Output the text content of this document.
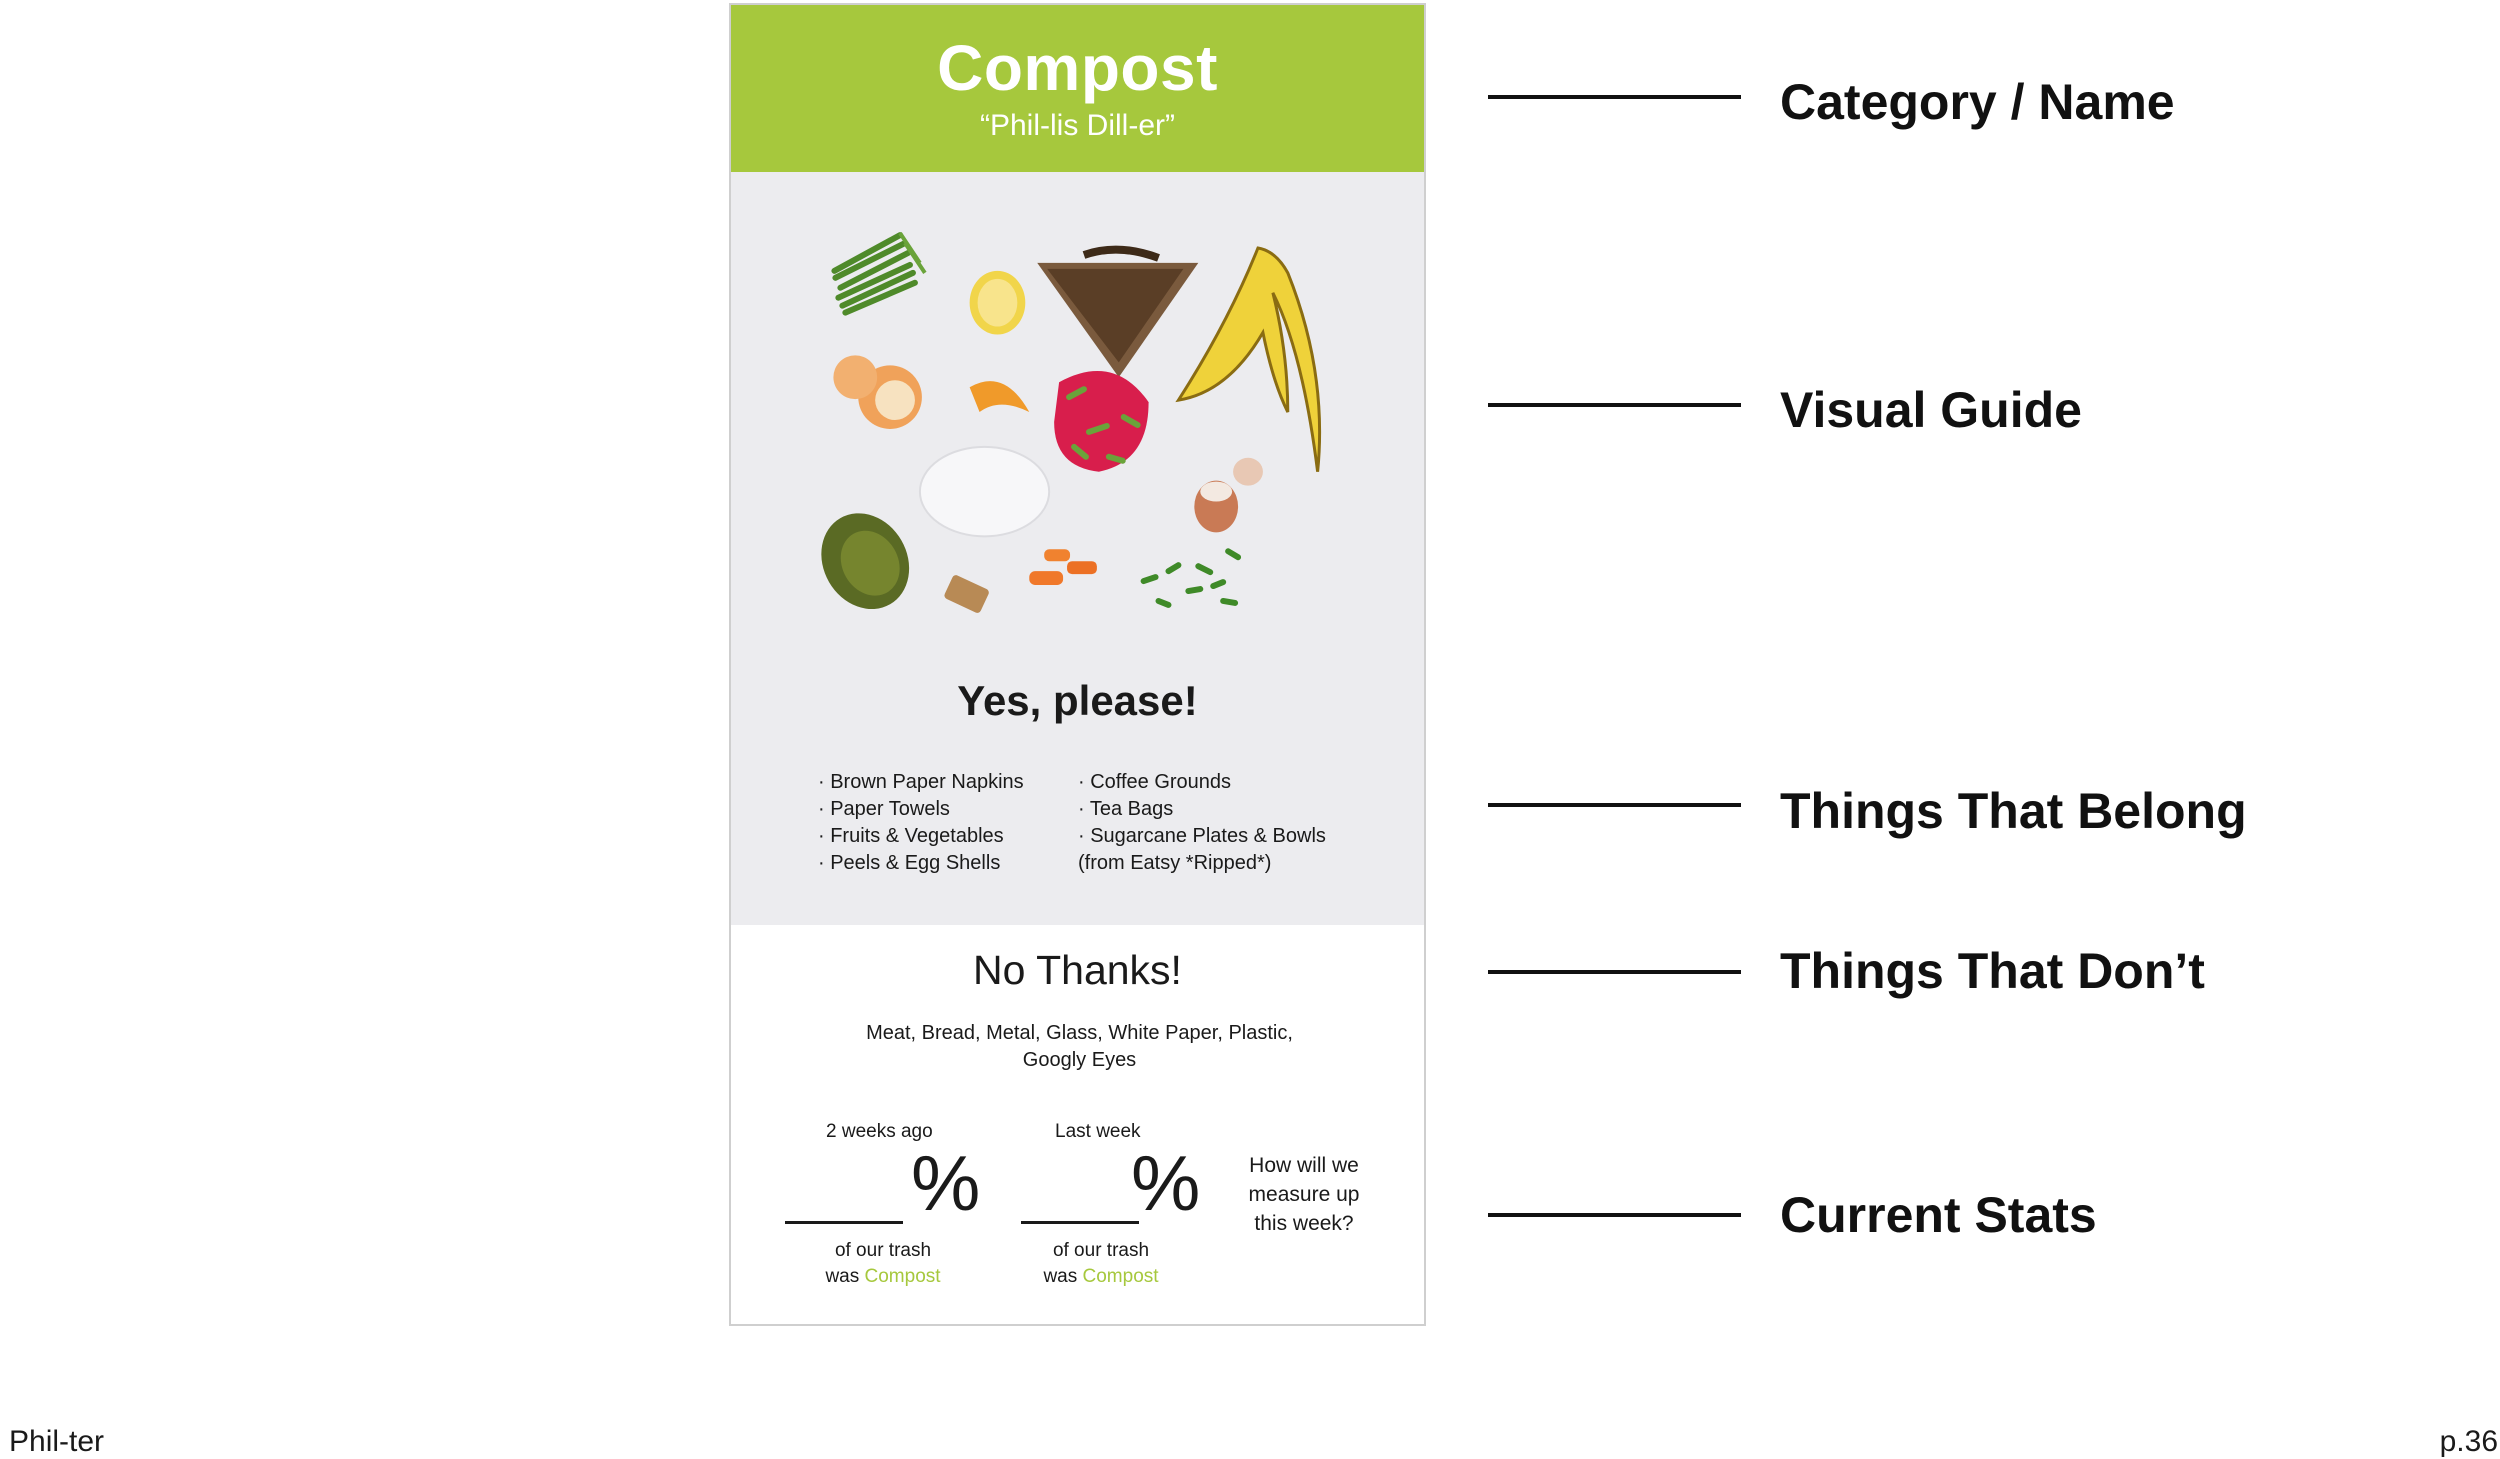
Compost
“Phil-lis Dill-er”
Yes, please!
· Brown Paper Napkins
· Paper Towels
· Fruits & Vegetables
· Peels & Egg Shells
· Coffee Grounds
· Tea Bags
· Sugarcane Plates & Bowls
(from Eatsy *Ripped*)
No Thanks!
Meat, Bread, Metal, Glass, White Paper, Plastic, Googly Eyes
2 weeks ago
%
of our trash
was Compost
Last week
%
of our trash
was Compost
How will we measure up this week?
Category / Name
Visual Guide
Things That Belong
Things That Don’t
Current Stats
Phil-ter	p.36
